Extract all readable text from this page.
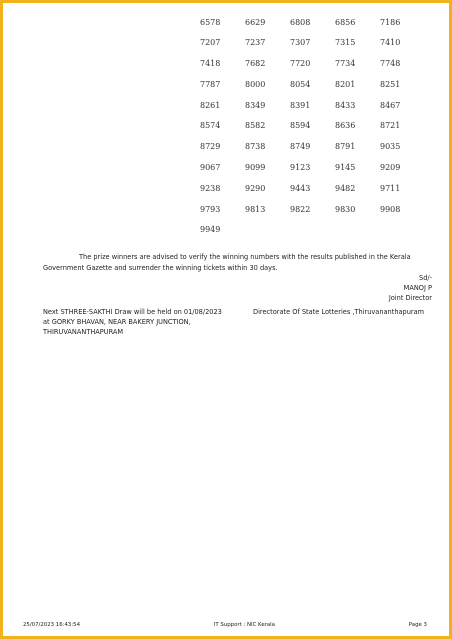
6578	6629	6808	6856	7186
7207	7237	7307	7315	7410
7418	7682	7720	7734	7748
7787	8000	8054	8201	8251
8261	8349	8391	8433	8467
8574	8582	8594	8636	8721
8729	8738	8749	8791	9035
9067	9099	9123	9145	9209
9238	9290	9443	9482	9711
9793	9813	9822	9830	9908
9949
The prize winners are advised to verify the winning numbers with the results published in the Kerala
Government Gazette and surrender the winning tickets within 30 days.
Sd/-
MANOJ P
Joint Director
Next STHREE-SAKTHI Draw will be held on 01/08/2023
at GORKY BHAVAN, NEAR BAKERY JUNCTION,
THIRUVANANTHAPURAM
Directorate Of State Lotteries ,Thiruvananthapuram
25/07/2023 16:43:54	IT Support : NIC Kerala	Page 3
